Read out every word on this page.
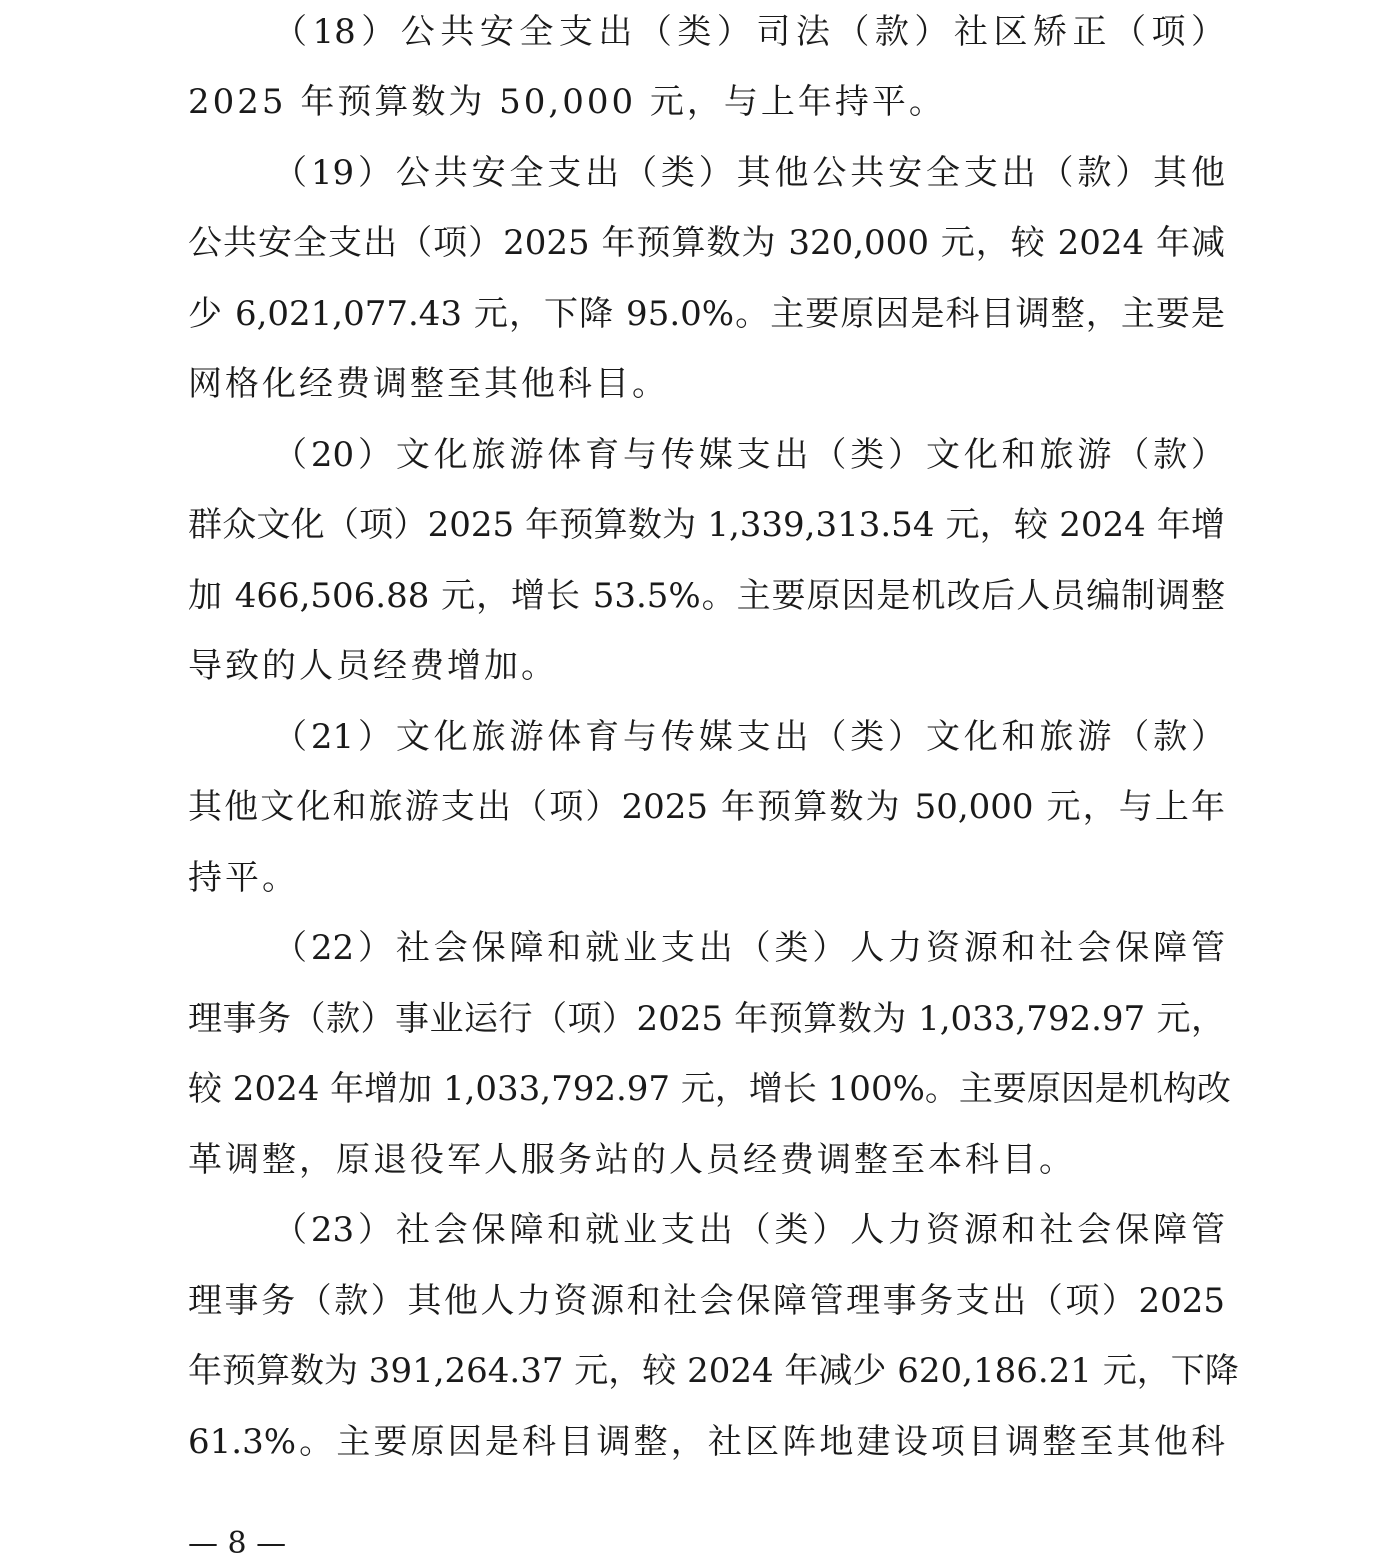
（18）公共安全支出（类）司法（款）社区矫正（项）
2025 年预算数为 50,000 元，与上年持平。
（19）公共安全支出（类）其他公共安全支出（款）其他
公共安全支出（项）2025 年预算数为 320,000 元，较 2024 年减
少 6,021,077.43 元，下降 95.0%。主要原因是科目调整，主要是
网格化经费调整至其他科目。
（20）文化旅游体育与传媒支出（类）文化和旅游（款）
群众文化（项）2025 年预算数为 1,339,313.54 元，较 2024 年增
加 466,506.88 元，增长 53.5%。主要原因是机改后人员编制调整
导致的人员经费增加。
（21）文化旅游体育与传媒支出（类）文化和旅游（款）
其他文化和旅游支出（项）2025 年预算数为 50,000 元，与上年
持平。
（22）社会保障和就业支出（类）人力资源和社会保障管
理事务（款）事业运行（项）2025 年预算数为 1,033,792.97 元，
较 2024 年增加 1,033,792.97 元，增长 100%。主要原因是机构改
革调整，原退役军人服务站的人员经费调整至本科目。
（23）社会保障和就业支出（类）人力资源和社会保障管
理事务（款）其他人力资源和社会保障管理事务支出（项）2025
年预算数为 391,264.37 元，较 2024 年减少 620,186.21 元，下降
61.3%。主要原因是科目调整，社区阵地建设项目调整至其他科
— 8 —
